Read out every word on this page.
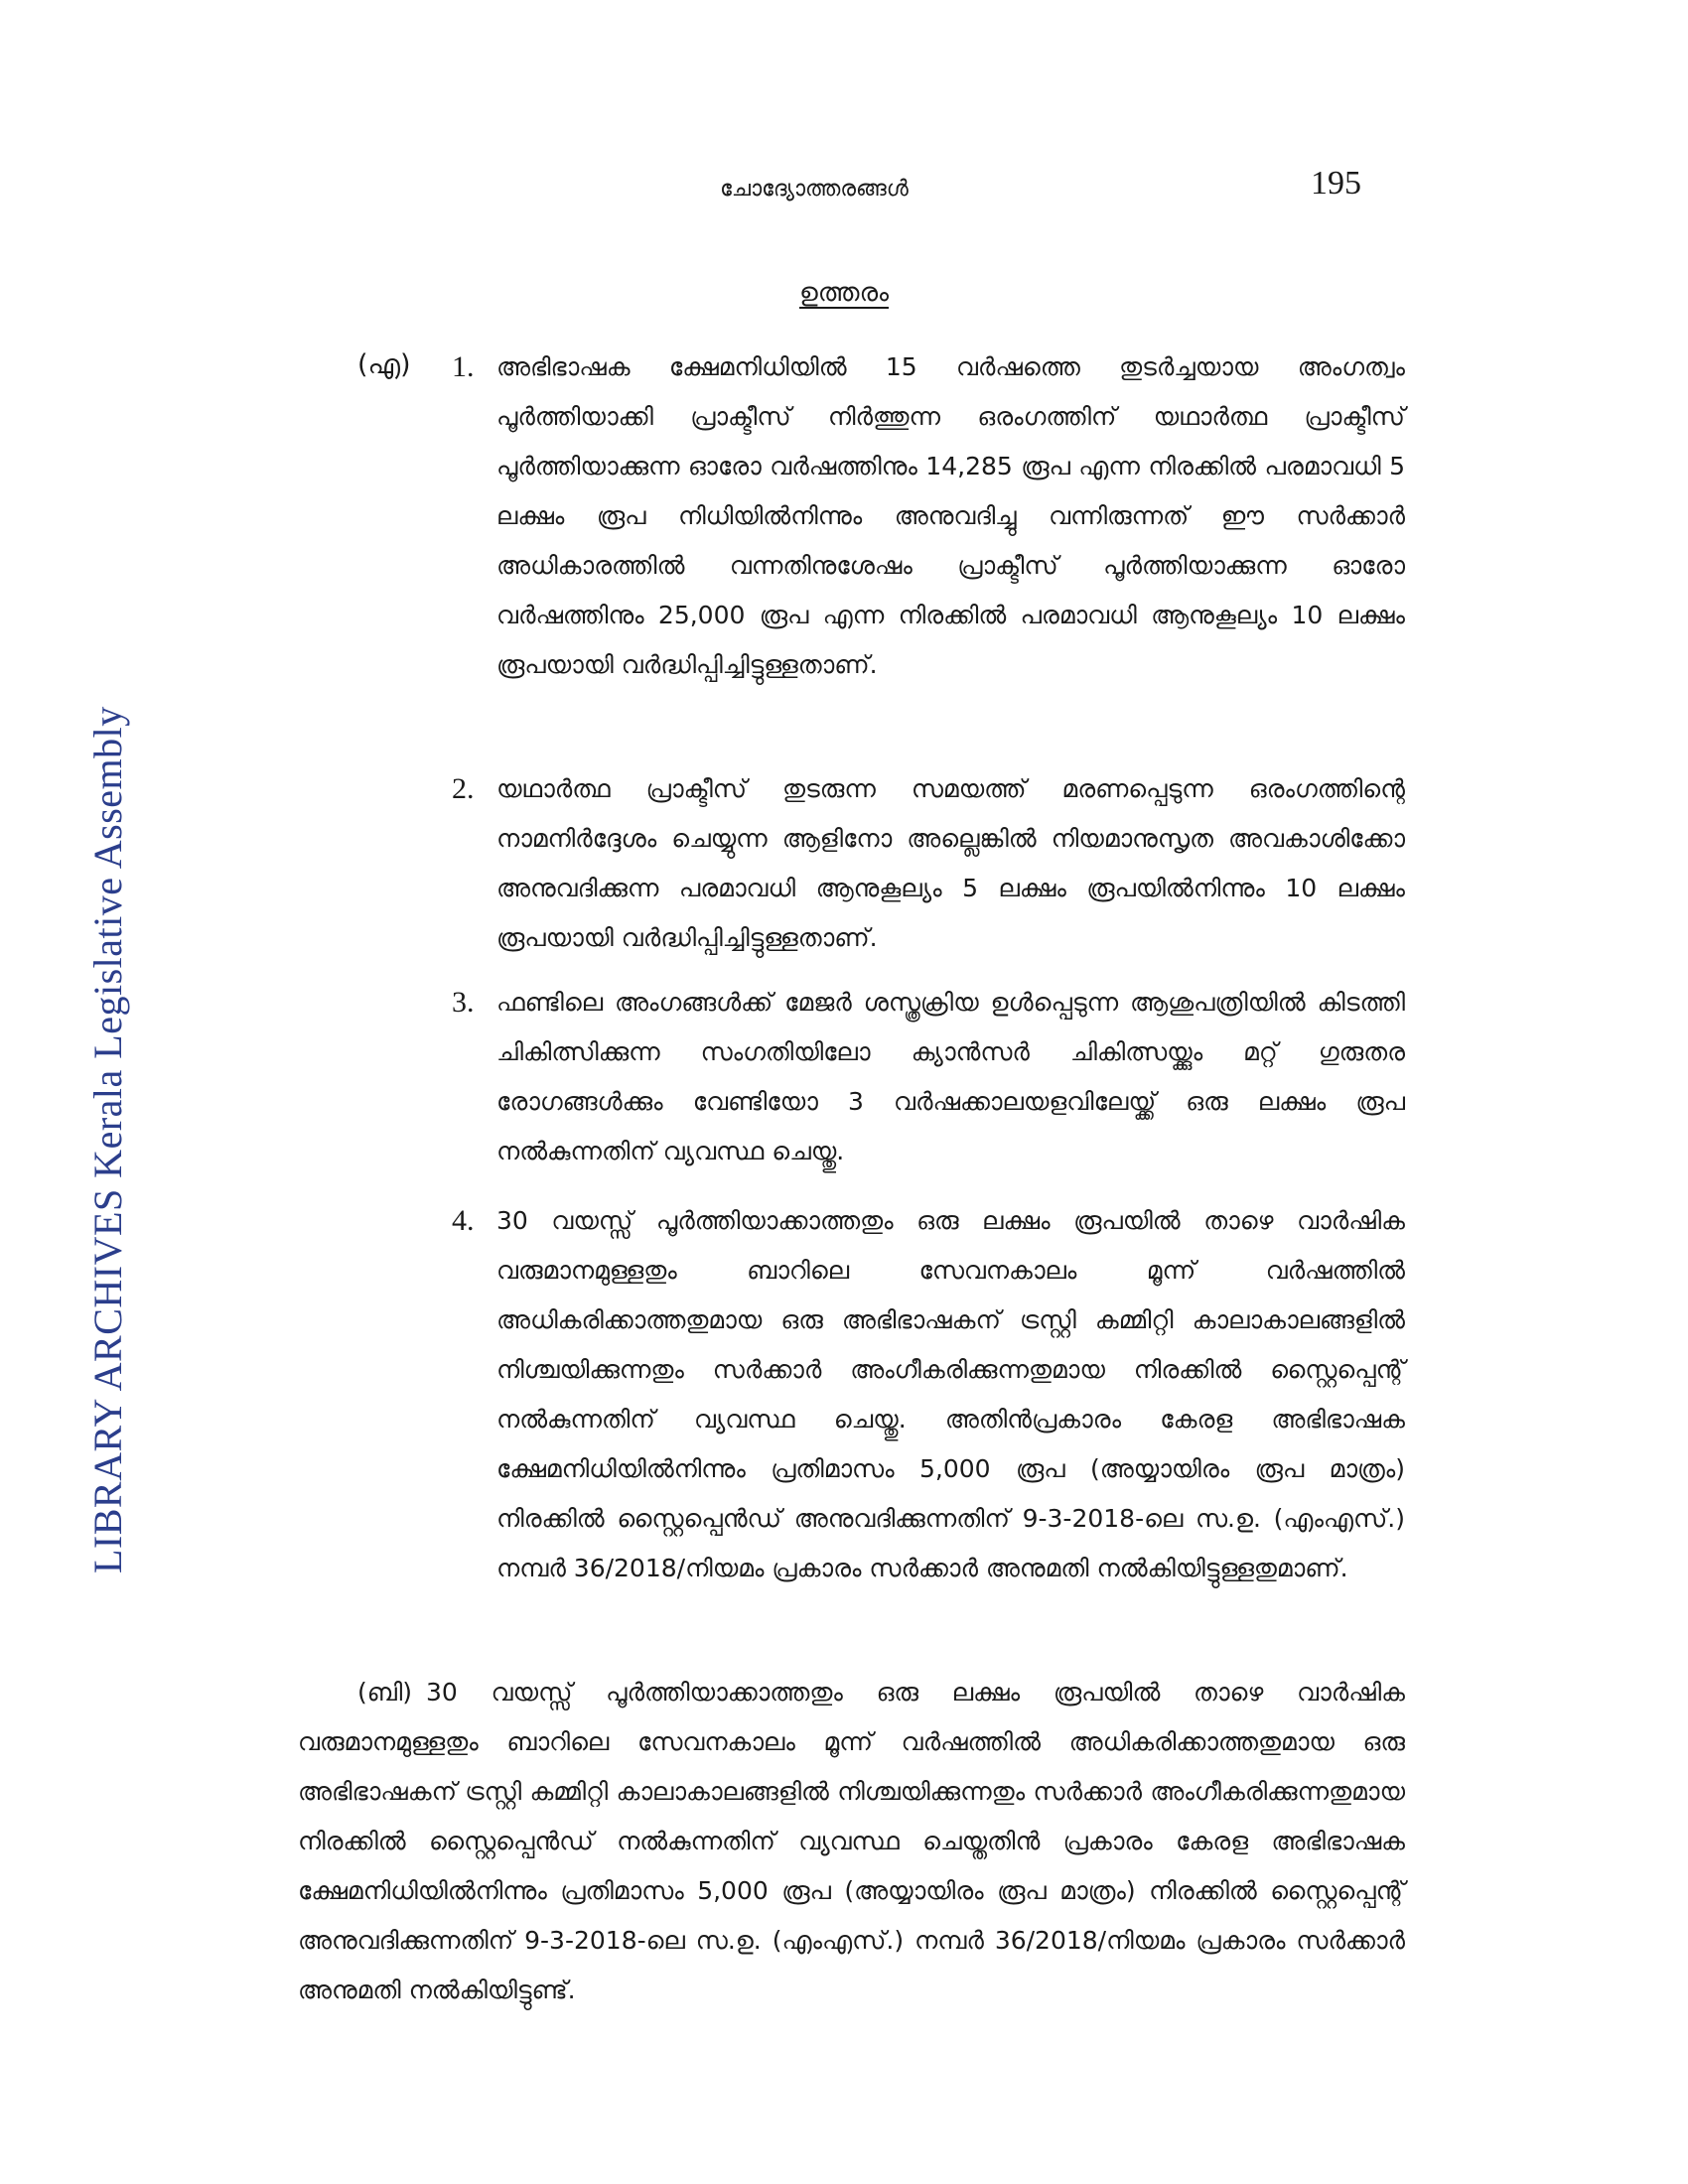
ചോദ്യോത്തരങ്ങൾ	195
LIBRARY ARCHIVES Kerala Legislative Assembly
ഉത്തരം
(എ) 1. അഭിഭാഷക ക്ഷേമനിധിയിൽ 15 വർഷത്തെ തുടർച്ചയായ അംഗത്വം പൂർത്തിയാക്കി പ്രാക്ടീസ് നിർത്തുന്ന ഒരംഗത്തിന് യഥാർത്ഥ പ്രാക്ടീസ് പൂർത്തിയാക്കുന്ന ഓരോ വർഷത്തിനും 14,285 രൂപ എന്ന നിരക്കിൽ പരമാവധി 5 ലക്ഷം രൂപ നിധിയിൽനിന്നും അനുവദിച്ചു വന്നിരുന്നത് ഈ സർക്കാർ അധികാരത്തിൽ വന്നതിനുശേഷം പ്രാക്ടീസ് പൂർത്തിയാക്കുന്ന ഓരോ വർഷത്തിനും 25,000 രൂപ എന്ന നിരക്കിൽ പരമാവധി ആനുകൂല്യം 10 ലക്ഷം രൂപയായി വർദ്ധിപ്പിച്ചിട്ടുള്ളതാണ്.
2. യഥാർത്ഥ പ്രാക്ടീസ് തുടരുന്ന സമയത്ത് മരണപ്പെടുന്ന ഒരംഗത്തിന്റെ നാമനിർദ്ദേശം ചെയ്യുന്ന ആളിനോ അല്ലെങ്കിൽ നിയമാനുസൃത അവകാശിക്കോ അനുവദിക്കുന്ന പരമാവധി ആനുകൂല്യം 5 ലക്ഷം രൂപയിൽനിന്നും 10 ലക്ഷം രൂപയായി വർദ്ധിപ്പിച്ചിട്ടുള്ളതാണ്.
3. ഫണ്ടിലെ അംഗങ്ങൾക്ക് മേജർ ശസ്ത്രക്രിയ ഉൾപ്പെടുന്ന ആശുപത്രിയിൽ കിടത്തി ചികിത്സിക്കുന്ന സംഗതിയിലോ ക്യാൻസർ ചികിത്സയ്ക്കും മറ്റ് ഗുരുതര രോഗങ്ങൾക്കും വേണ്ടിയോ 3 വർഷക്കാലയളവിലേയ്ക്ക് ഒരു ലക്ഷം രൂപ നൽകുന്നതിന് വ്യവസ്ഥ ചെയ്തു.
4. 30 വയസ്സ് പൂർത്തിയാക്കാത്തതും ഒരു ലക്ഷം രൂപയിൽ താഴെ വാർഷിക വരുമാനമുള്ളതും ബാറിലെ സേവനകാലം മൂന്ന് വർഷത്തിൽ അധികരിക്കാത്തതുമായ ഒരു അഭിഭാഷകന് ട്രസ്റ്റി കമ്മിറ്റി കാലാകാലങ്ങളിൽ നിശ്ചയിക്കുന്നതും സർക്കാർ അംഗീകരിക്കുന്നതുമായ നിരക്കിൽ സ്റ്റൈപ്പെന്റ് നൽകുന്നതിന് വ്യവസ്ഥ ചെയ്തു. അതിൻപ്രകാരം കേരള അഭിഭാഷക ക്ഷേമനിധിയിൽനിന്നും പ്രതിമാസം 5,000 രൂപ (അയ്യായിരം രൂപ മാത്രം) നിരക്കിൽ സ്റ്റൈപ്പെൻഡ് അനുവദിക്കുന്നതിന് 9-3-2018-ലെ സ.ഉ. (എംഎസ്.) നമ്പർ 36/2018/നിയമം പ്രകാരം സർക്കാർ അനുമതി നൽകിയിട്ടുള്ളതുമാണ്.
(ബി) 30 വയസ്സ് പൂർത്തിയാക്കാത്തതും ഒരു ലക്ഷം രൂപയിൽ താഴെ വാർഷിക വരുമാനമുള്ളതും ബാറിലെ സേവനകാലം മൂന്ന് വർഷത്തിൽ അധികരിക്കാത്തതുമായ ഒരു അഭിഭാഷകന് ട്രസ്റ്റി കമ്മിറ്റി കാലാകാലങ്ങളിൽ നിശ്ചയിക്കുന്നതും സർക്കാർ അംഗീകരിക്കുന്നതുമായ നിരക്കിൽ സ്റ്റൈപ്പെൻഡ് നൽകുന്നതിന് വ്യവസ്ഥ ചെയ്തതിൻ പ്രകാരം കേരള അഭിഭാഷക ക്ഷേമനിധിയിൽനിന്നും പ്രതിമാസം 5,000 രൂപ (അയ്യായിരം രൂപ മാത്രം) നിരക്കിൽ സ്റ്റൈപ്പെന്റ് അനുവദിക്കുന്നതിന് 9-3-2018-ലെ സ.ഉ. (എംഎസ്.) നമ്പർ 36/2018/നിയമം പ്രകാരം സർക്കാർ അനുമതി നൽകിയിട്ടുണ്ട്.
